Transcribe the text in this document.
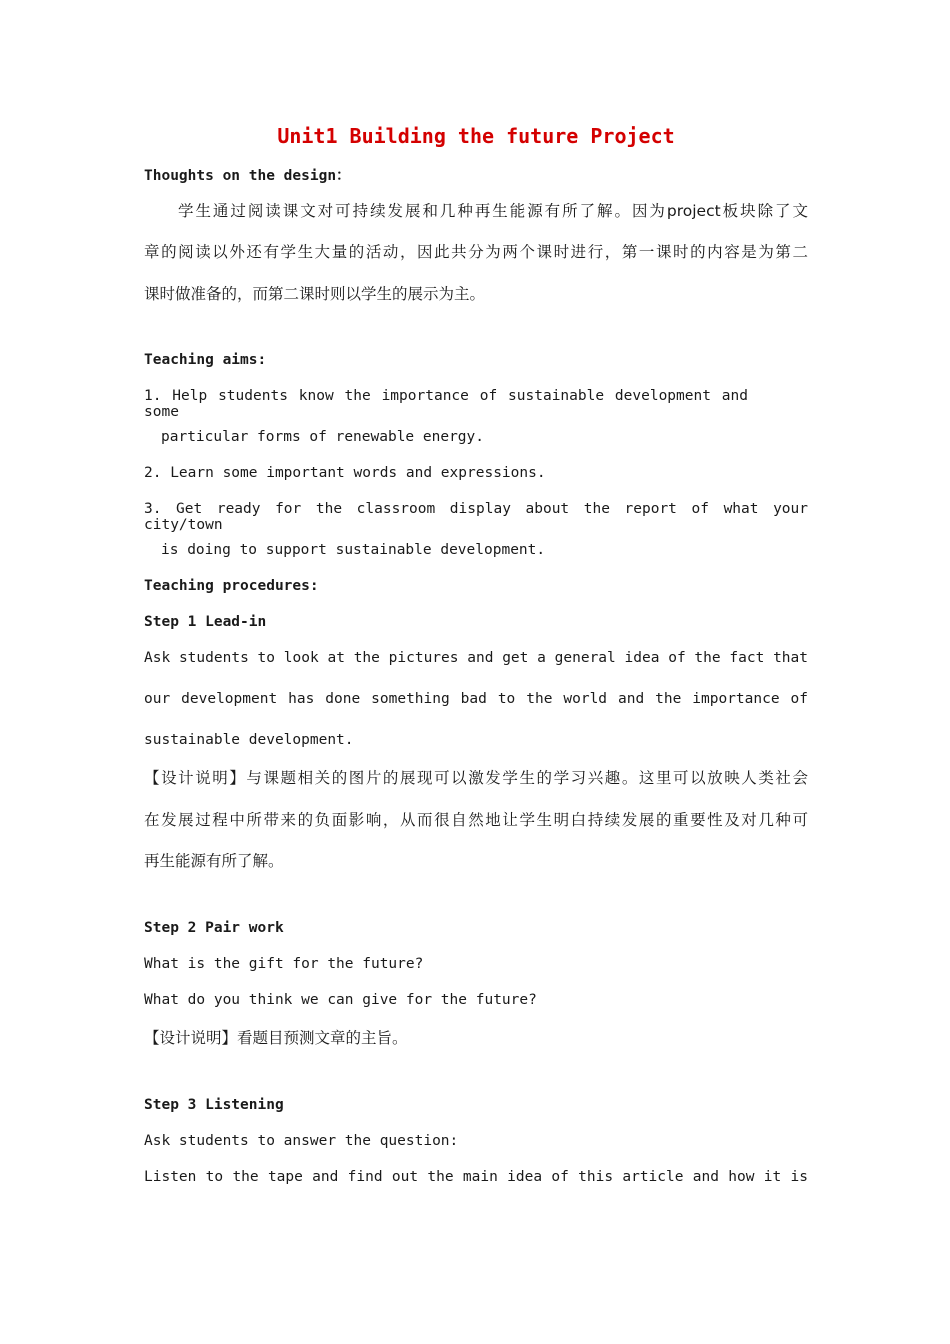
Unit1 Building the future Project
Thoughts on the design：
学生通过阅读课文对可持续发展和几种再生能源有所了解。因为project板块除了文
章的阅读以外还有学生大量的活动，因此共分为两个课时进行，第一课时的内容是为第二
课时做准备的，而第二课时则以学生的展示为主。
Teaching aims:
1. Help students know the importance of sustainable development and some
particular forms of renewable energy.
2. Learn some important words and expressions.
3. Get ready for the classroom display about the report of what your city/town
is doing to support sustainable development.
Teaching procedures:
Step 1 Lead-in
Ask students to look at the pictures and get a general idea of the fact that
our development has done something bad to the world and the importance of
sustainable development.
【设计说明】与课题相关的图片的展现可以激发学生的学习兴趣。这里可以放映人类社会
在发展过程中所带来的负面影响，从而很自然地让学生明白持续发展的重要性及对几种可
再生能源有所了解。
Step 2 Pair work
What is the gift for the future?
What do you think we can give for the future?
【设计说明】看题目预测文章的主旨。
Step 3 Listening
Ask students to answer the question:
Listen to the tape and find out the main idea of this article and how it is
